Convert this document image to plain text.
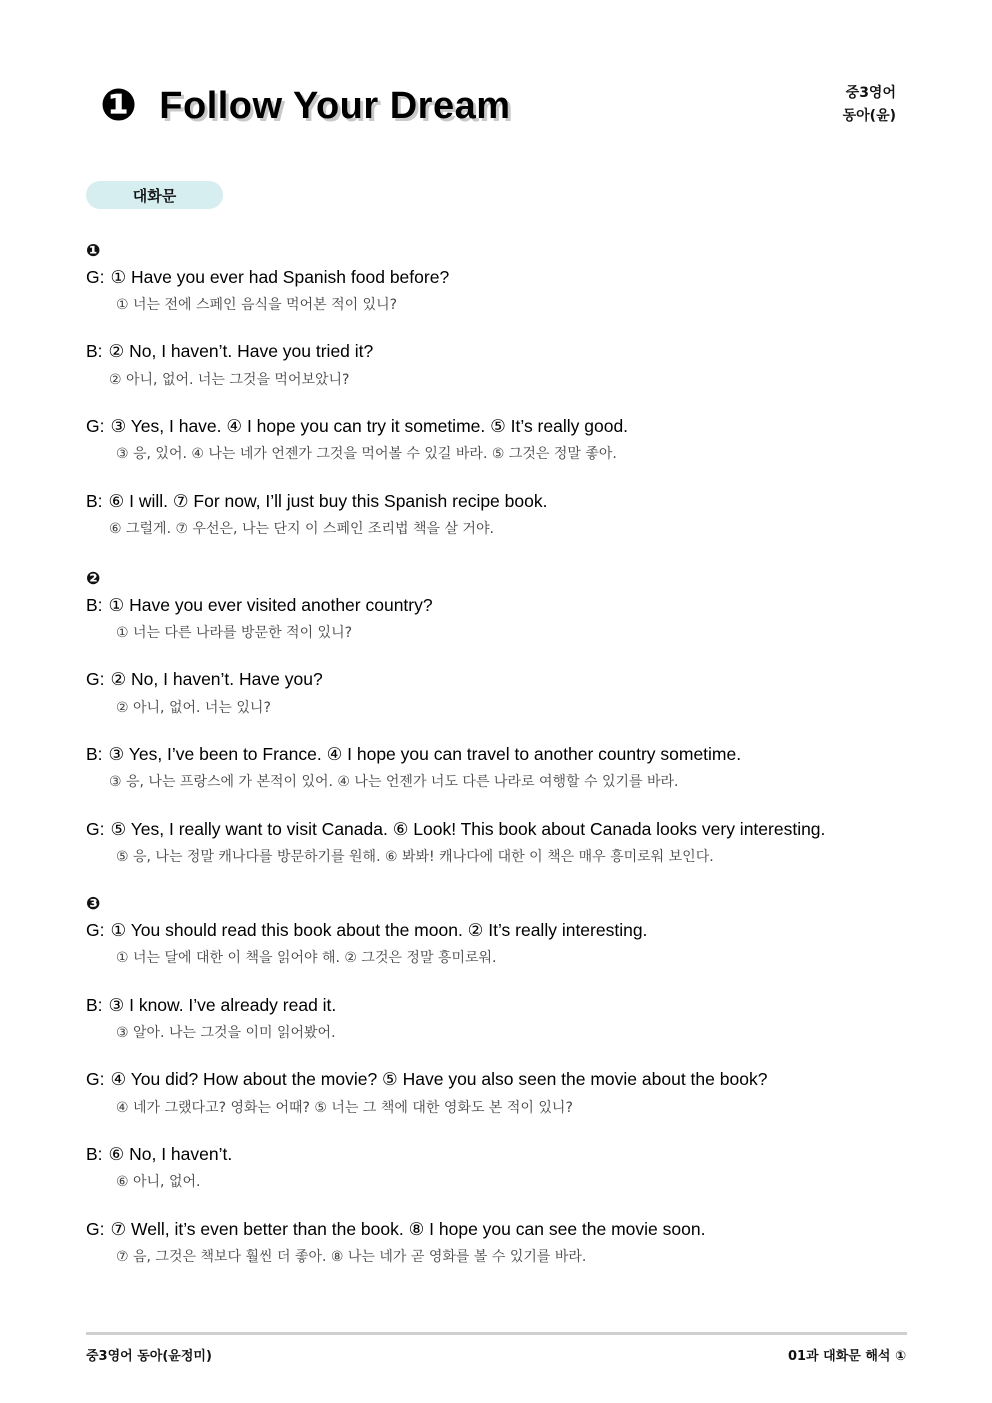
❶ Follow Your Dream	중3영어
동아(윤)
대화문
❶
G: ① Have you ever had Spanish food before?
① 너는 전에 스페인 음식을 먹어본 적이 있니?
B: ② No, I haven’t. Have you tried it?
② 아니, 없어. 너는 그것을 먹어보았니?
G: ③ Yes, I have. ④ I hope you can try it sometime. ⑤ It’s really good.
③ 응, 있어. ④ 나는 네가 언젠가 그것을 먹어볼 수 있길 바라. ⑤ 그것은 정말 좋아.
B: ⑥ I will. ⑦ For now, I’ll just buy this Spanish recipe book.
⑥ 그럴게. ⑦ 우선은, 나는 단지 이 스페인 조리법 책을 살 거야.
❷
B: ① Have you ever visited another country?
① 너는 다른 나라를 방문한 적이 있니?
G: ② No, I haven’t. Have you?
② 아니, 없어. 너는 있니?
B: ③ Yes, I’ve been to France. ④ I hope you can travel to another country sometime.
③ 응, 나는 프랑스에 가 본적이 있어. ④ 나는 언젠가 너도 다른 나라로 여행할 수 있기를 바라.
G: ⑤ Yes, I really want to visit Canada. ⑥ Look! This book about Canada looks very interesting.
⑤ 응, 나는 정말 캐나다를 방문하기를 원해. ⑥ 봐봐! 캐나다에 대한 이 책은 매우 흥미로워 보인다.
❸
G: ① You should read this book about the moon. ② It’s really interesting.
① 너는 달에 대한 이 책을 읽어야 해. ② 그것은 정말 흥미로워.
B: ③ I know. I’ve already read it.
③ 알아. 나는 그것을 이미 읽어봤어.
G: ④ You did? How about the movie? ⑤ Have you also seen the movie about the book?
④ 네가 그랬다고? 영화는 어때? ⑤ 너는 그 책에 대한 영화도 본 적이 있니?
B: ⑥ No, I haven’t.
⑥ 아니, 없어.
G: ⑦ Well, it’s even better than the book. ⑧ I hope you can see the movie soon.
⑦ 음, 그것은 책보다 훨씬 더 좋아. ⑧ 나는 네가 곧 영화를 볼 수 있기를 바라.
중3영어 동아(윤정미)	01과 대화문 해석 ①
